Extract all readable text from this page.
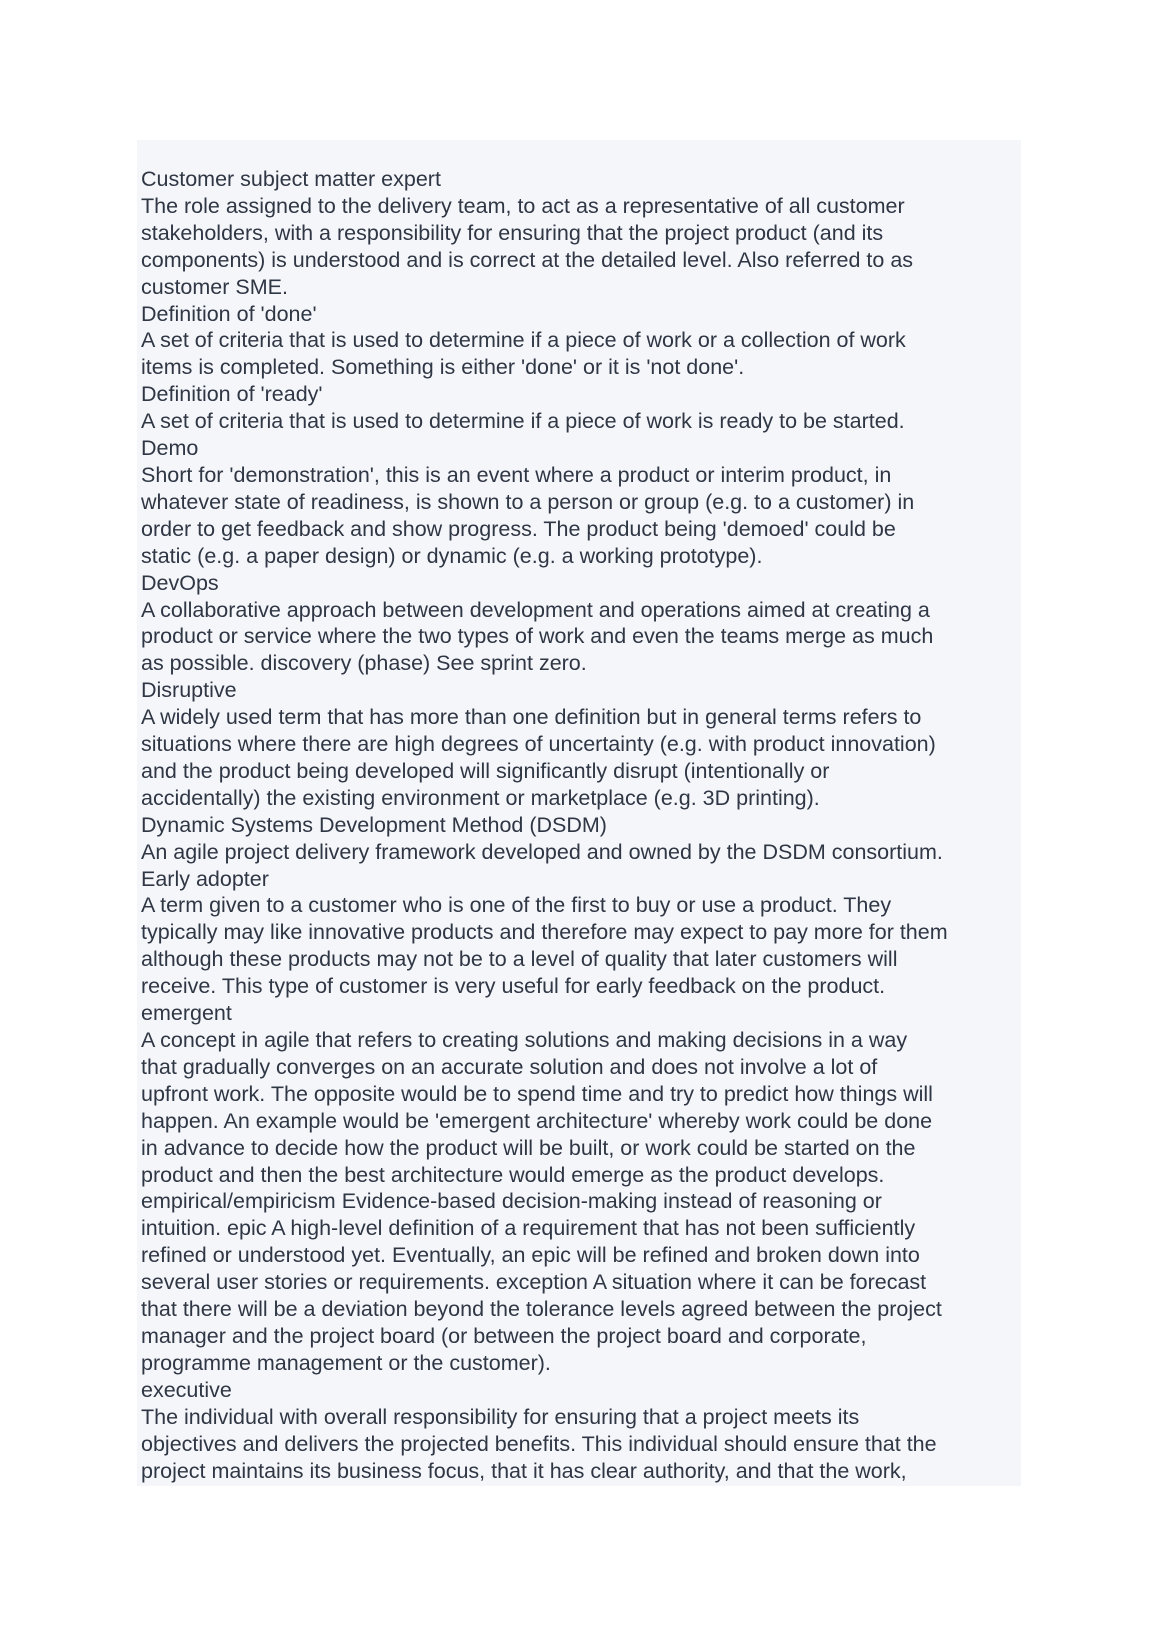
Customer subject matter expert
The role assigned to the delivery team, to act as a representative of all customer
stakeholders, with a responsibility for ensuring that the project product (and its
components) is understood and is correct at the detailed level. Also referred to as
customer SME.
Definition of 'done'
A set of criteria that is used to determine if a piece of work or a collection of work
items is completed. Something is either 'done' or it is 'not done'.
Definition of 'ready'
A set of criteria that is used to determine if a piece of work is ready to be started.
Demo
Short for 'demonstration', this is an event where a product or interim product, in
whatever state of readiness, is shown to a person or group (e.g. to a customer) in
order to get feedback and show progress. The product being 'demoed' could be
static (e.g. a paper design) or dynamic (e.g. a working prototype).
DevOps
A collaborative approach between development and operations aimed at creating a
product or service where the two types of work and even the teams merge as much
as possible. discovery (phase) See sprint zero.
Disruptive
A widely used term that has more than one definition but in general terms refers to
situations where there are high degrees of uncertainty (e.g. with product innovation)
and the product being developed will significantly disrupt (intentionally or
accidentally) the existing environment or marketplace (e.g. 3D printing).
Dynamic Systems Development Method (DSDM)
An agile project delivery framework developed and owned by the DSDM consortium.
Early adopter
A term given to a customer who is one of the first to buy or use a product. They
typically may like innovative products and therefore may expect to pay more for them
although these products may not be to a level of quality that later customers will
receive. This type of customer is very useful for early feedback on the product.
emergent
A concept in agile that refers to creating solutions and making decisions in a way
that gradually converges on an accurate solution and does not involve a lot of
upfront work. The opposite would be to spend time and try to predict how things will
happen. An example would be 'emergent architecture' whereby work could be done
in advance to decide how the product will be built, or work could be started on the
product and then the best architecture would emerge as the product develops.
empirical/empiricism Evidence-based decision-making instead of reasoning or
intuition. epic A high-level definition of a requirement that has not been sufficiently
refined or understood yet. Eventually, an epic will be refined and broken down into
several user stories or requirements. exception A situation where it can be forecast
that there will be a deviation beyond the tolerance levels agreed between the project
manager and the project board (or between the project board and corporate,
programme management or the customer).
executive
The individual with overall responsibility for ensuring that a project meets its
objectives and delivers the projected benefits. This individual should ensure that the
project maintains its business focus, that it has clear authority, and that the work,
